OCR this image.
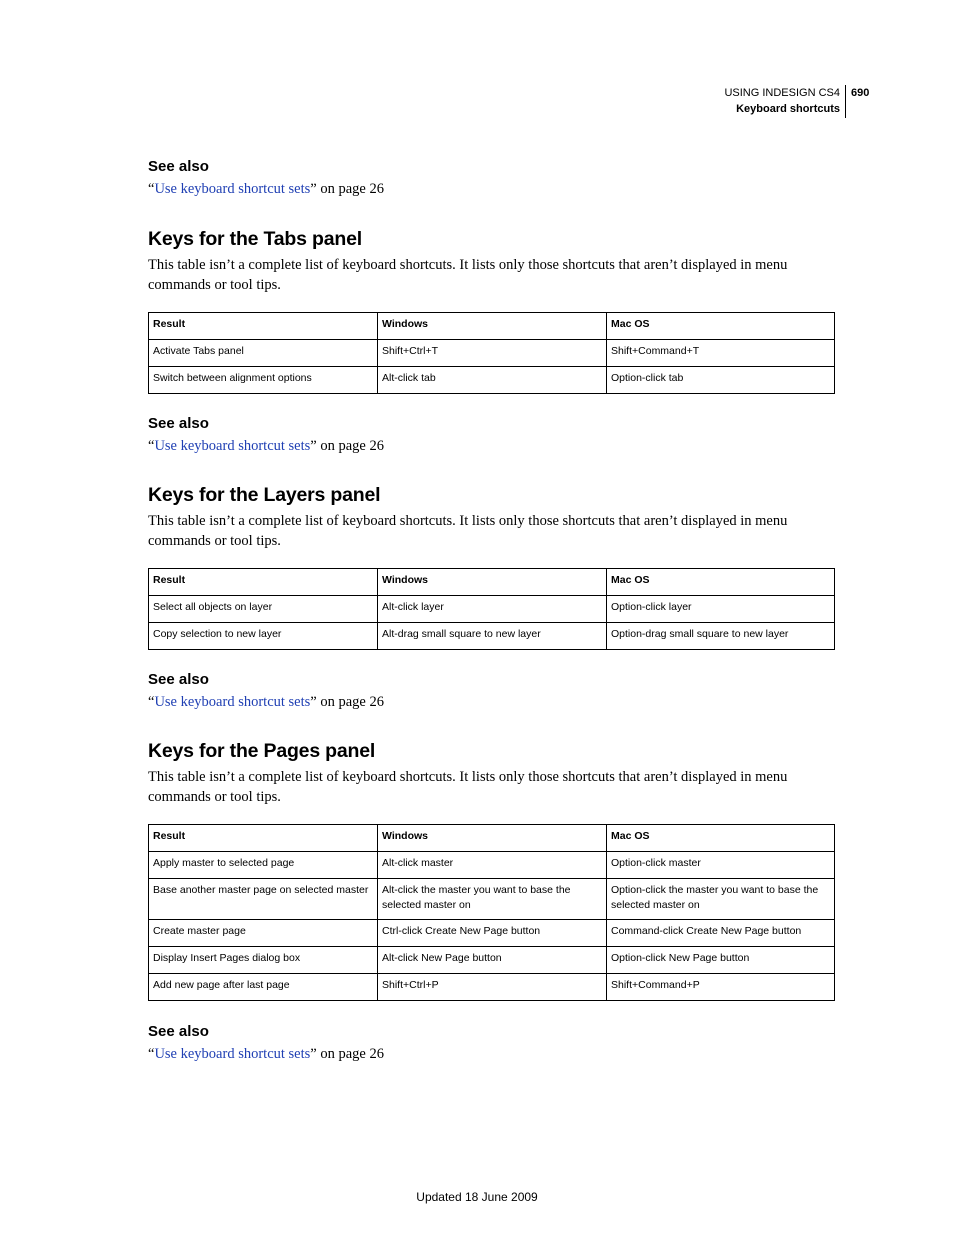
USING INDESIGN CS4
Keyboard shortcuts
690

See also

“Use keyboard shortcut sets” on page 26

Keys for the Tabs panel

This table isn’t a complete list of keyboard shortcuts. It lists only those shortcuts that aren’t displayed in menu commands or tool tips.

Result	Windows	Mac OS
Activate Tabs panel	Shift+Ctrl+T	Shift+Command+T
Switch between alignment options	Alt-click tab	Option-click tab

See also

“Use keyboard shortcut sets” on page 26

Keys for the Layers panel

This table isn’t a complete list of keyboard shortcuts. It lists only those shortcuts that aren’t displayed in menu commands or tool tips.

Result	Windows	Mac OS
Select all objects on layer	Alt-click layer	Option-click layer
Copy selection to new layer	Alt-drag small square to new layer	Option-drag small square to new layer

See also

“Use keyboard shortcut sets” on page 26

Keys for the Pages panel

This table isn’t a complete list of keyboard shortcuts. It lists only those shortcuts that aren’t displayed in menu commands or tool tips.

Result	Windows	Mac OS
Apply master to selected page	Alt-click master	Option-click master
Base another master page on selected master	Alt-click the master you want to base the selected master on	Option-click the master you want to base the selected master on
Create master page	Ctrl-click Create New Page button	Command-click Create New Page button
Display Insert Pages dialog box	Alt-click New Page button	Option-click New Page button
Add new page after last page	Shift+Ctrl+P	Shift+Command+P

See also

“Use keyboard shortcut sets” on page 26

Updated 18 June 2009
